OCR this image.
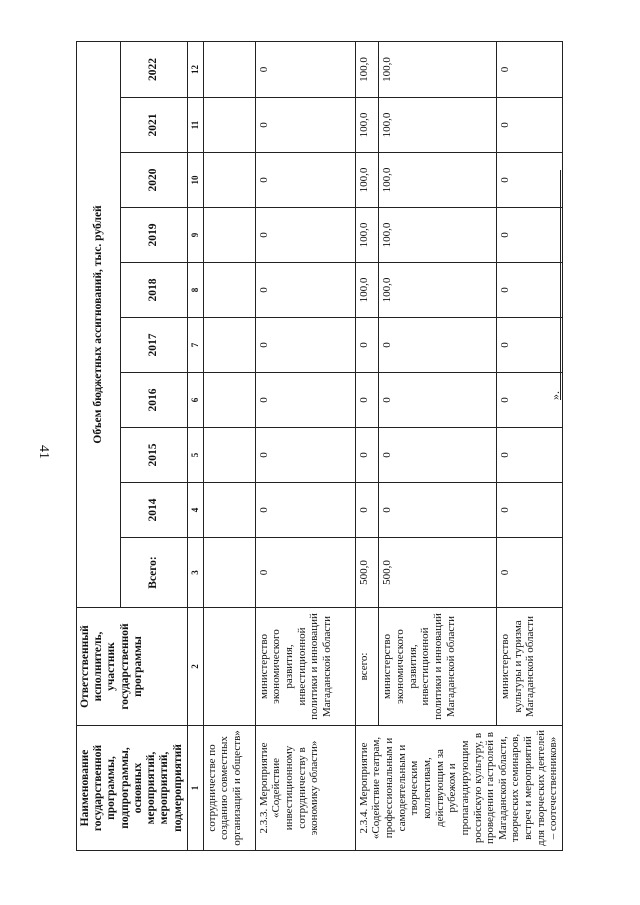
41
Наименование государственной программы, подпрограммы, основных мероприятий, мероприятий, подмероприятий	Ответственный исполнитель, участник государственной программы	Объем бюджетных ассигнований, тыс. рублей									
		Всего:	2014	2015	2016	2017	2018	2019	2020	2021	2022
1	2	3	4	5	6	7	8	9	10	11	12
сотрудничестве по созданию совместных организаций и обществ»											
2.3.3. Мероприятие «Содействие инвестиционному сотрудничеству в экономику области»	министерство экономического развития, инвестиционной политики и инноваций Магаданской области	0	0	0	0	0	0	0	0	0	0
2.3.4. Мероприятие «Содействие театрам, профессиональным и самодеятельным и творческим коллективам, действующим за рубежом и пропагандирующим российскую культуру, в проведении гастролей в Магаданской области, творческих семинаров, встреч и мероприятий для творческих деятелей – соотечественников»	всего:	500,0	0	0	0	0	100,0	100,0	100,0	100,0	100,0
	министерство экономического развития, инвестиционной политики и инноваций Магаданской области	500,0	0	0	0	0	100,0	100,0	100,0	100,0	100,0
	министерство культуры и туризма Магаданской области	0	0	0	0	0	0	0	0	0	0
».
